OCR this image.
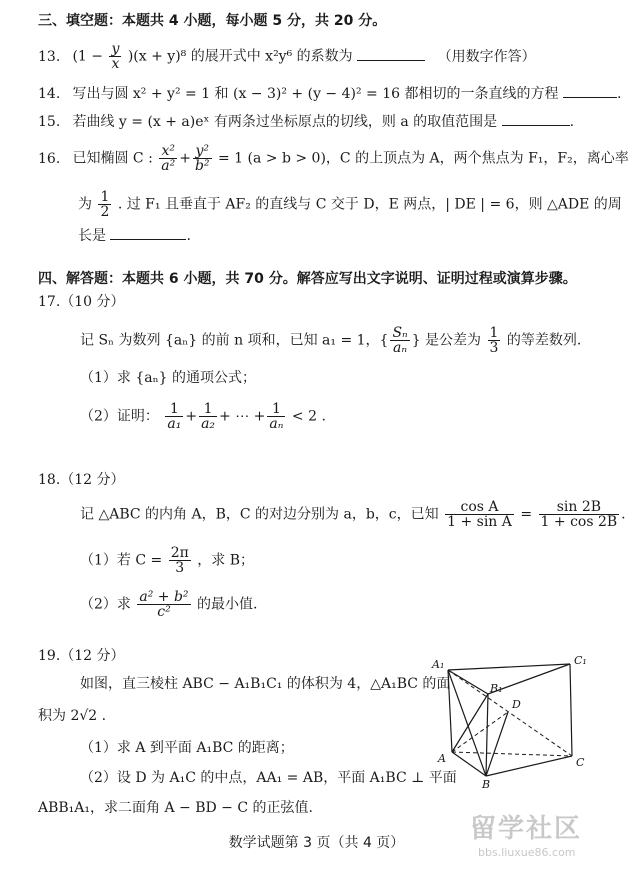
三、填空题：本题共 4 小题，每小题 5 分，共 20 分。
13. $(1 - \frac{y}{x} )(x + y)^8$ 的展开式中 x²y⁶ 的系数为	（用数字作答）
14. 写出与圆 x² + y² = 1 和 (x − 3)² + (y − 4)² = 16 都相切的一条直线的方程	.
15. 若曲线 y = (x + a)eˣ 有两条过坐标原点的切线，则 a 的取值范围是	.
16. 已知椭圆 C : $\frac{\text{x²}}{\text{a²}} + \frac{\text{y²}}{\text{b²}} = 1$ (a > b > 0)，C 的上顶点为 A，两个焦点为 F₁，F₂，离心率
为 $\frac{1}{2}$ . 过 F₁ 且垂直于 AF₂ 的直线与 C 交于 D，E 两点，| DE | = 6，则 △ADE 的周
长是	.
四、解答题：本题共 6 小题，共 70 分。解答应写出文字说明、证明过程或演算步骤。
17.（10 分）
记 Sₙ 为数列 {aₙ} 的前 n 项和，已知 a₁ = 1，{ $\frac{\text{Sₙ}}{\text{aₙ}}$ } 是公差为 $\frac{1}{3}$ 的等差数列.
（1）求 {aₙ} 的通项公式；
（2）证明： $\frac{1}{\text{a₁}} + \frac{1}{\text{a₂}}$ + ⋯ + $\frac{1}{\text{aₙ}} < 2$ .
18.（12 分）
记 △ABC 的内角 A，B，C 的对边分别为 a，b，c，已知 $\frac{\text{cos A}}{\text{1 + sin A}} = \frac{\sin 2B}{1 + \cos 2B}$ .
（1）若 $C = \frac{2\pi}{3}$ ，求 B；
（2）求 $\frac{\text{a² + b²}}{\text{c²}}$ 的最小值.
19.（12 分）
如图，直三棱柱 ABC − A₁B₁C₁ 的体积为 4，△A₁BC 的面
积为 2√2 .
（1）求 A 到平面 A₁BC 的距离；
（2）设 D 为 A₁C 的中点，AA₁ = AB，平面 A₁BC ⊥ 平面
ABB₁A₁，求二面角 A − BD − C 的正弦值.
A₁	C₁
B₁
D
A
B
C
数学试题第 3 页（共 4 页）	留学社区
bbs.liuxue86.com
